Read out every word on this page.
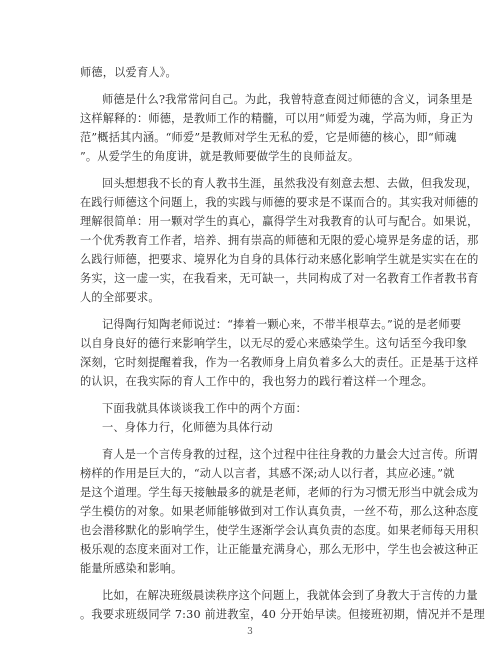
师德，以爱育人》。
师德是什么?我常常问自己。为此，我曾特意查阅过师德的含义，词条里是
这样解释的：师德，是教师工作的精髓，可以用“师爱为魂，学高为师，身正为
范”概括其内涵。“师爱”是教师对学生无私的爱，它是师德的核心，即“师魂
”。从爱学生的角度讲，就是教师要做学生的良师益友。
回头想想我不长的育人教书生涯，虽然我没有刻意去想、去做，但我发现，
在践行师德这个问题上，我的实践与师德的要求是不谋而合的。其实我对师德的
理解很简单：用一颗对学生的真心，赢得学生对我教育的认可与配合。如果说，
一个优秀教育工作者，培养、拥有崇高的师德和无限的爱心境界是务虚的话，那
么践行师德，把要求、境界化为自身的具体行动来感化影响学生就是实实在在的
务实，这一虚一实，在我看来，无可缺一，共同构成了对一名教育工作者教书育
人的全部要求。
记得陶行知陶老师说过：“捧着一颗心来，不带半根草去。”说的是老师要
以自身良好的德行来影响学生，以无尽的爱心来感染学生。这句话至今我印象
深刻，它时刻提醒着我，作为一名教师身上肩负着多么大的责任。正是基于这样
的认识，在我实际的育人工作中的，我也努力的践行着这样一个理念。
下面我就具体谈谈我工作中的两个方面：
一、身体力行，化师德为具体行动
育人是一个言传身教的过程，这个过程中往往身教的力量会大过言传。所谓
榜样的作用是巨大的，“动人以言者，其感不深;动人以行者，其应必速。”就
是这个道理。学生每天接触最多的就是老师，老师的行为习惯无形当中就会成为
学生模仿的对象。如果老师能够做到对工作认真负责，一丝不苟，那么这种态度
也会潜移默化的影响学生，使学生逐渐学会认真负责的态度。如果老师每天用积
极乐观的态度来面对工作，让正能量充满身心，那么无形中，学生也会被这种正
能量所感染和影响。
比如，在解决班级晨读秩序这个问题上，我就体会到了身教大于言传的力量
。我要求班级同学 7:30 前进教室，40 分开始早读。但接班初期，情况并不是理
3
